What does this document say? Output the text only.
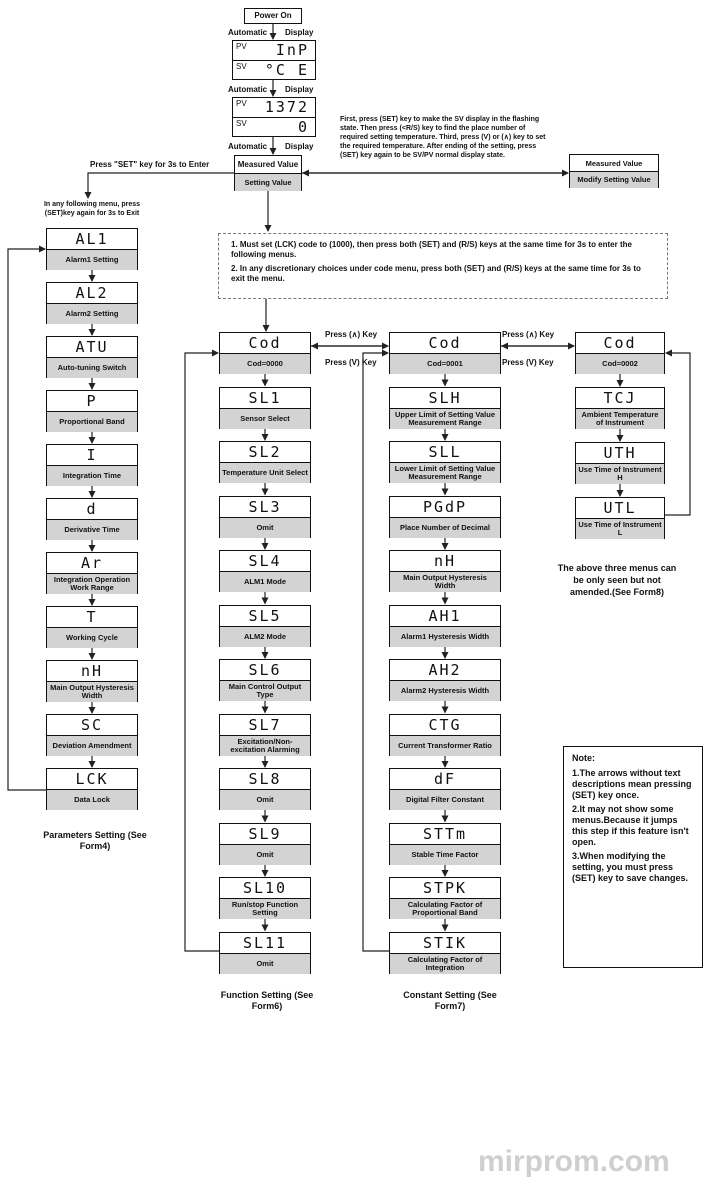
Power On
Automatic Display
PV InP
SV °C E
Automatic Display
PV 1372
SV	0
Automatic Display
Measured Value
Setting Value
Press "SET" key for 3s to Enter
First, press (SET) key to make the SV display in the flashing state. Then press (<R/S) key to find the place number of required setting temperature. Third, press (V) or (∧) key to set the required temperature. After ending of the setting, press (SET) key again to be SV/PV normal display state.
Measured Value
Modify Setting Value
In any following menu, press (SET)key again for 3s to Exit
1. Must set (LCK) code to (1000), then press both (SET) and (R/S) keys at the same time for 3s to enter the following menus.
2. In any discretionary choices under code menu, press both (SET) and (R/S) keys at the same time for 3s to exit the menu.
AL1
Alarm1 Setting
AL2
Alarm2 Setting
ATU
Auto-tuning Switch
P
Proportional Band
I
Integration Time
d
Derivative Time
Ar
Integration Operation Work Range
T
Working Cycle
nH
Main Output Hysteresis Width
SC
Deviation Amendment
LCK
Data Lock
Cod
Cod=0000
SL1
Sensor Select
SL2
Temperature Unit Select
SL3
Omit
SL4
ALM1 Mode
SL5
ALM2 Mode
SL6
Main Control Output Type
SL7
Excitation/Non-excitation Alarming
SL8
Omit
SL9
Omit
SL10
Run/stop Function Setting
SL11
Omit
Cod
Cod=0001
SLH
Upper Limit of Setting Value Measurement Range
SLL
Lower Limit of Setting Value Measurement Range
PGdP
Place Number of Decimal
nH
Main Output Hysteresis Width
AH1
Alarm1 Hysteresis Width
AH2
Alarm2 Hysteresis Width
CTG
Current Transformer Ratio
dF
Digital Filter Constant
STTm
Stable Time Factor
STPK
Calculating Factor of Proportional Band
STIK
Calculating Factor of Integration
Cod
Cod=0002
TCJ
Ambient Temperature of Instrument
UTH
Use Time of Instrument H
UTL
Use Time of Instrument L
Press (∧) Key
Press (V) Key
Press (∧) Key
Press (V) Key
Parameters Setting (See Form4)
Function Setting (See Form6)
Constant Setting (See Form7)
The above three menus can be only seen but not amended.(See Form8)
Note:
1.The arrows without text descriptions mean pressing (SET) key once.
2.It may not show some menus.Because it jumps this step if this feature isn't open.
3.When modifying the setting, you must press (SET) key to save changes.
mirprom.com
